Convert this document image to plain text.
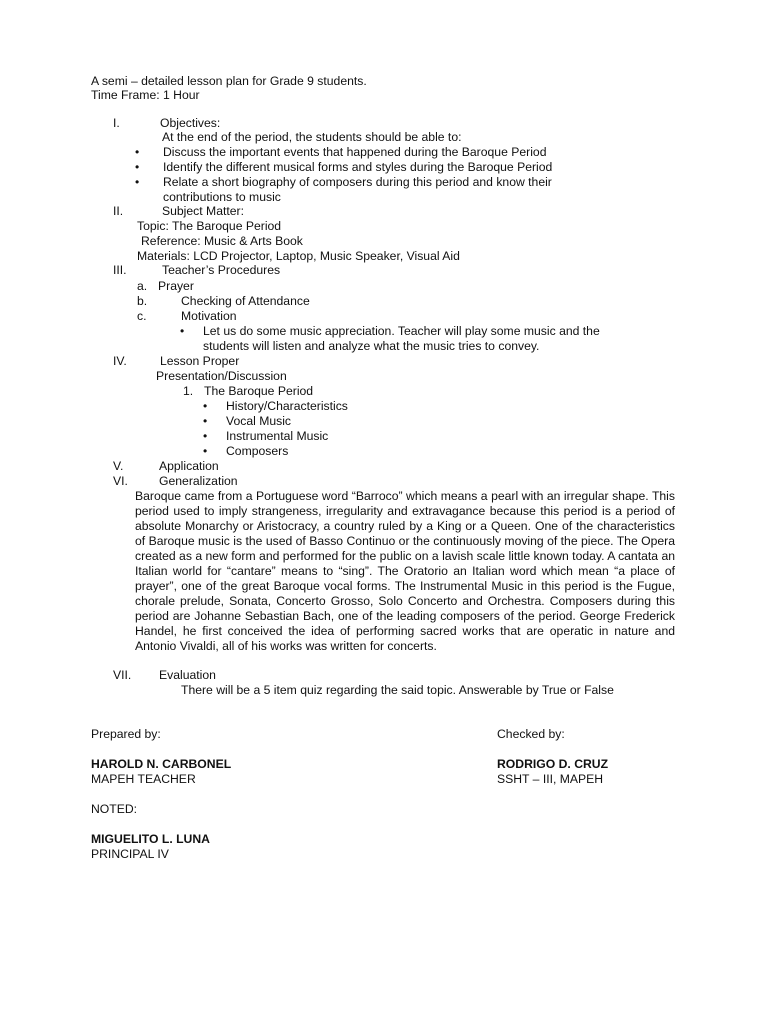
A semi – detailed lesson plan for Grade 9 students.
Time Frame: 1 Hour
I.	Objectives:
At the end of the period, the students should be able to:
• Discuss the important events that happened during the Baroque Period
• Identify the different musical forms and styles during the Baroque Period
• Relate a short biography of composers during this period and know their
contributions to music
II.	Subject Matter:
Topic: The Baroque Period
Reference: Music & Arts Book
Materials: LCD Projector, Laptop, Music Speaker, Visual Aid
III.	Teacher’s Procedures
a. Prayer
b.	Checking of Attendance
c.	Motivation
• Let us do some music appreciation. Teacher will play some music and the
students will listen and analyze what the music tries to convey.
IV.	Lesson Proper
Presentation/Discussion
1. The Baroque Period
• History/Characteristics
• Vocal Music
• Instrumental Music
• Composers
V.	Application
VI.	Generalization

Baroque came from a Portuguese word “Barroco” which means a pearl with an irregular shape. This period used to imply strangeness, irregularity and extravagance because this period is a period of absolute Monarchy or Aristocracy, a country ruled by a King or a Queen. One of the characteristics of Baroque music is the used of Basso Continuo or the continuously moving of the piece. The Opera created as a new form and performed for the public on a lavish scale little known today. A cantata an Italian world for “cantare” means to “sing”. The Oratorio an Italian word which mean “a place of prayer”, one of the great Baroque vocal forms. The Instrumental Music in this period is the Fugue, chorale prelude, Sonata, Concerto Grosso, Solo Concerto and Orchestra. Composers during this period are Johanne Sebastian Bach, one of the leading composers of the period. George Frederick Handel, he first conceived the idea of performing sacred works that are operatic in nature and Antonio Vivaldi, all of his works was written for concerts.

VII. Evaluation
There will be a 5 item quiz regarding the said topic. Answerable by True or False
Prepared by:
HAROLD N. CARBONEL
MAPEH TEACHER
Checked by:
RODRIGO D. CRUZ
SSHT – III, MAPEH
NOTED:
MIGUELITO L. LUNA
PRINCIPAL IV
